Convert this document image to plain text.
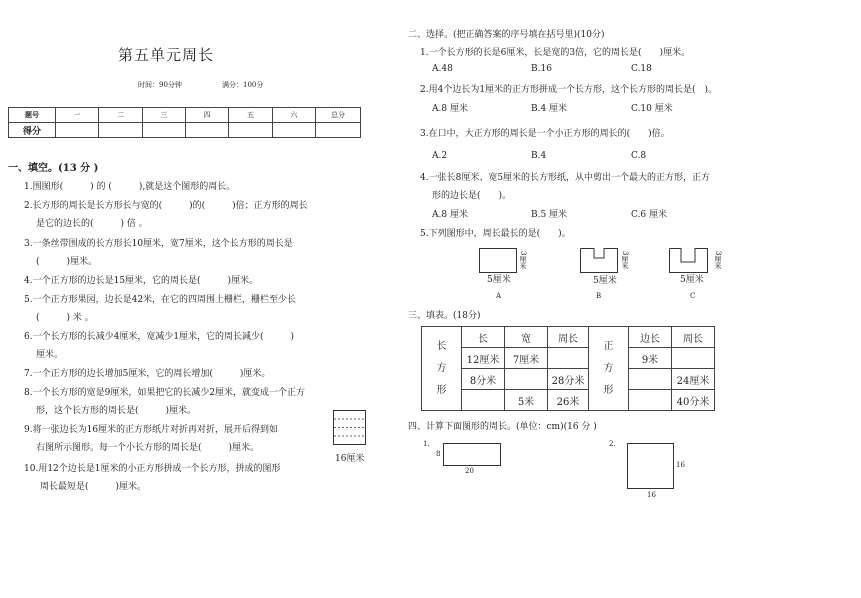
第五单元周长
时间：90分钟	满分：100分
题号	一	二	三	四	五	六	总分
得分							
一、填空。(13 分 )
1.围图形(　　　) 的 (　　　),就是这个图形的周长。
2.长方形的周长是长方形长与宽的(　　　)的(　　　)倍；正方形的周长
是它的边长的(　　　) 倍 。
3.一条丝带围成的长方形长10厘米，宽7厘米，这个长方形的周长是
(　　　)厘米。
4.一个正方形的边长是15厘米，它的周长是(　　　)厘米。
5.一个正方形果园，边长是42米，在它的四周围上栅栏，栅栏至少长
(　　　) 米 。
6.一个长方形的长减少4厘米，宽减少1厘米，它的周长减少(　　　)
厘米。
7.一个正方形的边长增加5厘米，它的周长增加(　　　)厘米。
8.一个长方形的宽是9厘米，如果把它的长减少2厘米，就变成一个正方
形，这个长方形的周长是(　　　)厘米。
9.将一张边长为16厘米的正方形纸片对折再对折，展开后得到如
右图所示图形。每一个小长方形的周长是(　　　)厘米。
10.用12个边长是1厘米的小正方形拼成一个长方形，拼成的图形
周长最短是(　　　)厘米。
16厘米
二、选择。(把正确答案的序号填在括号里)(10分)
1.一个长方形的长是6厘米，长是宽的3倍，它的周长是(　　)厘米。
A.48	B.16	C.18
2.用4个边长为1厘米的正方形拼成一个长方形，这个长方形的周长是(　)。
A.8 厘米	B.4 厘米	C.10 厘米
3.在口中，大正方形的周长是一个小正方形的周长的(　　)倍。
A.2	B.4	C.8
4.一张长8厘米、宽5厘米的长方形纸，从中剪出一个最大的正方形，正方
形的边长是(　　)。
A.8 厘米	B.5 厘米	C.6 厘米
5.下列图形中，周长最长的是(　　)。
5厘米
3厘米
A
5厘米
3厘米
B
5厘米
3厘米
C
三、填表。(18分)
长
方
形	长	宽	周长
	12厘米	7厘米	
	8分米		28分米
		5米	26米
正
方
形	边长	周长
	9米	
		24厘米
		40分米
四、计算下面图形的周长。(单位：cm)(16 分 )
1.
8
20
2.
16
16
